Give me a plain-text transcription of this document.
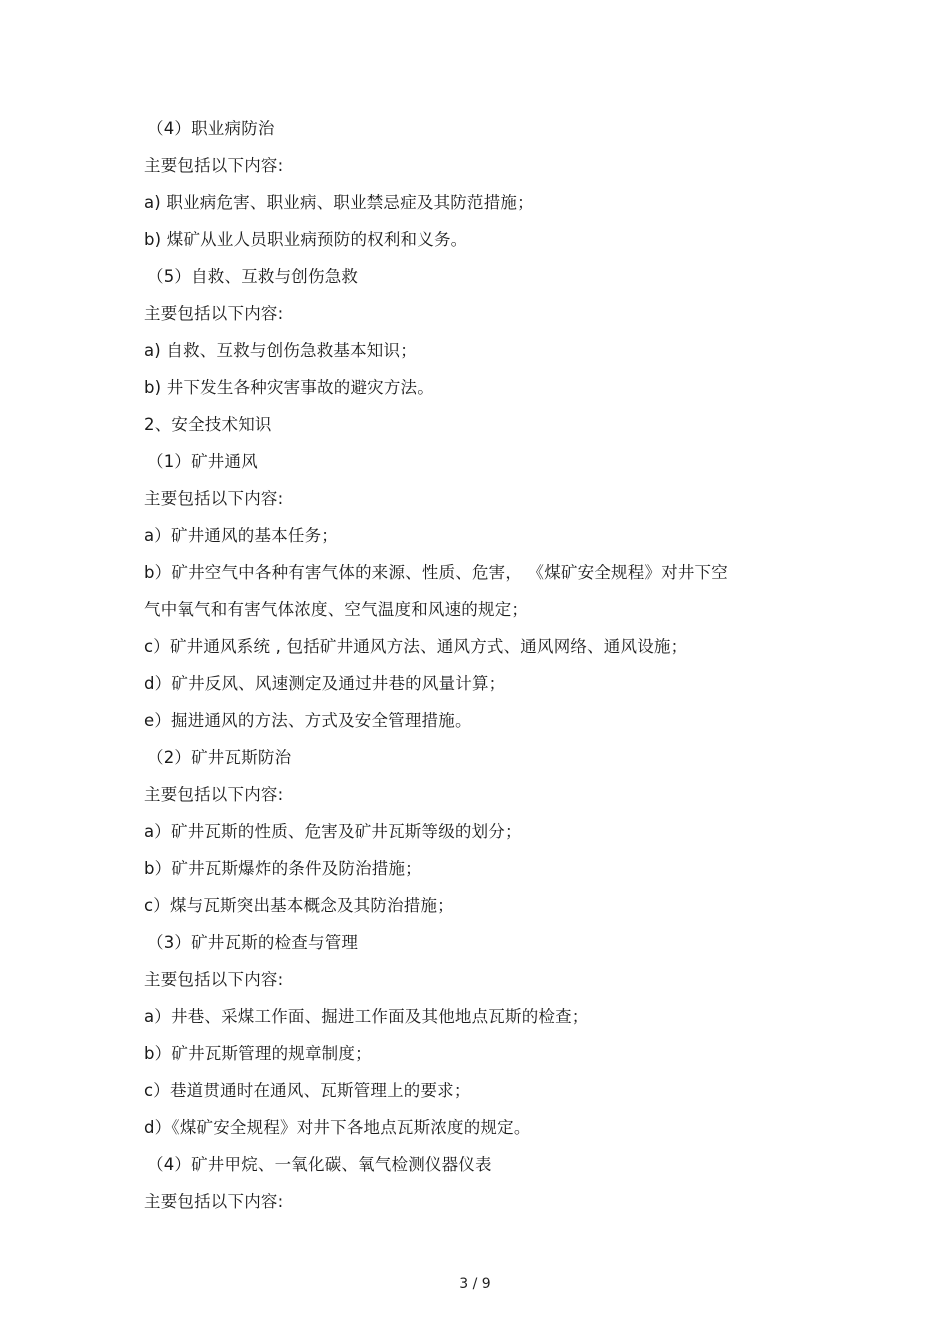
（4）职业病防治
主要包括以下内容:
a) 职业病危害、职业病、职业禁忌症及其防范措施；
b) 煤矿从业人员职业病预防的权利和义务。
（5）自救、互救与创伤急救
主要包括以下内容:
a) 自救、互救与创伤急救基本知识；
b) 井下发生各种灾害事故的避灾方法。
2、安全技术知识
（1）矿井通风
主要包括以下内容:
a）矿井通风的基本任务；
b）矿井空气中各种有害气体的来源、性质、危害， 《煤矿安全规程》对井下空
气中氧气和有害气体浓度、空气温度和风速的规定；
c）矿井通风系统 , 包括矿井通风方法、通风方式、通风网络、通风设施；
d）矿井反风、风速测定及通过井巷的风量计算；
e）掘进通风的方法、方式及安全管理措施。
（2）矿井瓦斯防治
主要包括以下内容:
a）矿井瓦斯的性质、危害及矿井瓦斯等级的划分；
b）矿井瓦斯爆炸的条件及防治措施；
c）煤与瓦斯突出基本概念及其防治措施；
（3）矿井瓦斯的检查与管理
主要包括以下内容:
a）井巷、采煤工作面、掘进工作面及其他地点瓦斯的检查；
b）矿井瓦斯管理的规章制度；
c）巷道贯通时在通风、瓦斯管理上的要求；
d）《煤矿安全规程》对井下各地点瓦斯浓度的规定。
（4）矿井甲烷、一氧化碳、氧气检测仪器仪表
主要包括以下内容:
3 / 9
